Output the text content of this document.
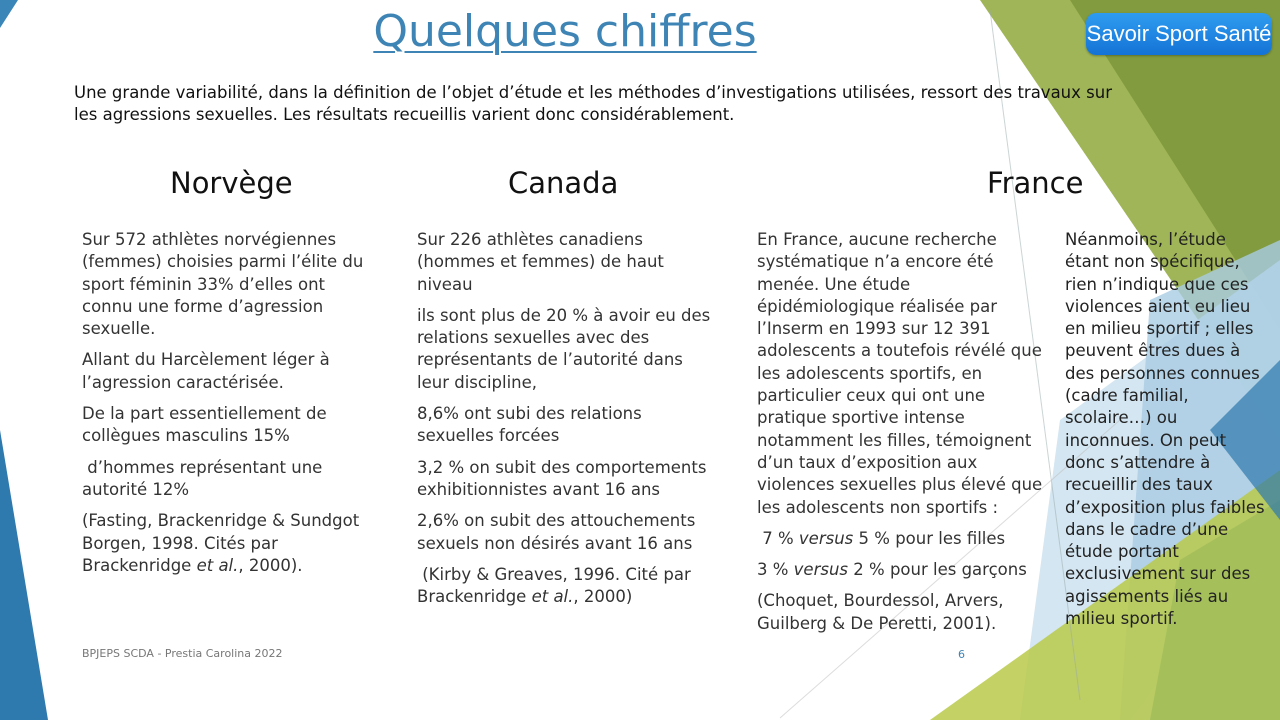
Quelques chiffres	Savoir Sport Santé
Une grande variabilité, dans la définition de l’objet d’étude et les méthodes d’investigations utilisées, ressort des travaux sur les agressions sexuelles. Les résultats recueillis varient donc considérablement.
Norvège	Canada	France

Sur 572 athlètes norvégiennes (femmes) choisies parmi l’élite du sport féminin 33% d’elles ont connu une forme d’agression sexuelle.

Allant du Harcèlement léger à l’agression caractérisée.

De la part essentiellement de collègues masculins 15%

d’hommes représentant une autorité 12%

(Fasting, Brackenridge & Sundgot Borgen, 1998. Cités par Brackenridge et al., 2000).

Sur 226 athlètes canadiens (hommes et femmes) de haut niveau

ils sont plus de 20 % à avoir eu des relations sexuelles avec des représentants de l’autorité dans leur discipline,

8,6% ont subi des relations sexuelles forcées

3,2 % on subit des comportements exhibitionnistes avant 16 ans

2,6% on subit des attouchements sexuels non désirés avant 16 ans

(Kirby & Greaves, 1996. Cité par Brackenridge et al., 2000)

En France, aucune recherche systématique n’a encore été menée. Une étude épidémiologique réalisée par l’Inserm en 1993 sur 12 391 adolescents a toutefois révélé que les adolescents sportifs, en particulier ceux qui ont une pratique sportive intense notamment les filles, témoignent d’un taux d’exposition aux violences sexuelles plus élevé que les adolescents non sportifs :

7 % versus 5 % pour les filles

3 % versus 2 % pour les garçons

(Choquet, Bourdessol, Arvers, Guilberg & De Peretti, 2001).

Néanmoins, l’étude étant non spécifique, rien n’indique que ces violences aient eu lieu en milieu sportif ; elles peuvent êtres dues à des personnes connues (cadre familial, scolaire…) ou inconnues. On peut donc s’attendre à recueillir des taux d’exposition plus faibles dans le cadre d’une étude portant exclusivement sur des agissements liés au milieu sportif.

BPJEPS SCDA - Prestia Carolina 2022	6
